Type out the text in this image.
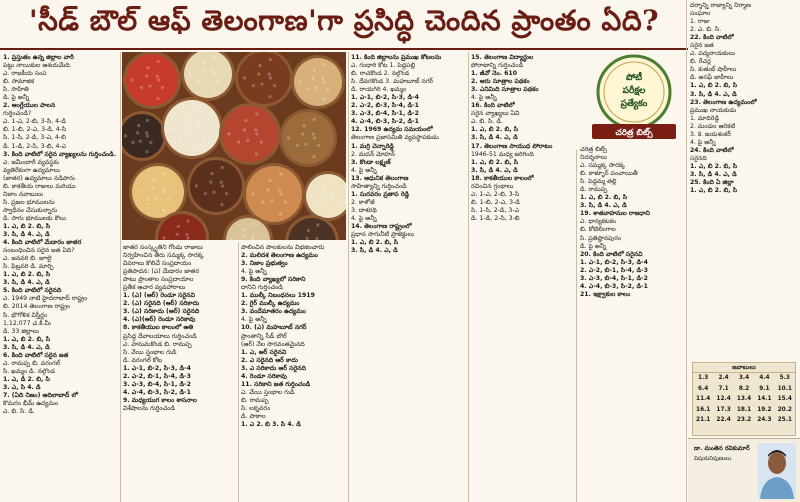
'సీడ్ బౌల్ ఆఫ్ తెలంగాణ'గా ప్రసిద్ధి చెందిన ప్రాంతం ఏది?
1. ప్రస్తుతం ఉన్న జిల్లాల వారీ
పట్టు నాయికుల ఆశయమేది.
ఎ. రాజకీయ సంప
బి. సామాజిక
సి. సాహితి
డి. పై అన్నీ
2. ఆంగ్లేయుల పాలన
గుర్తించండి?
ఎ. 1-ఎ, 2-బి, 3-సి, 4-డి
బి. 1-బి, 2-ఎ, 3-డి, 4-సి
సి. 1-సి, 2-డి, 3-ఎ, 4-బి
డి. 1-డి, 2-సి, 3-బి, 4-ఎ
3. కింది వాటిలో సరైన వ్యాఖ్యలను గుర్తించండి.
ఎ. జమీందారీ వ్యవస్థకు
వ్యతిరేకంగా ఉద్యమాలు
(జాతర) ఉద్యమాలు నడిపారు
బి. కాకతీయ రాజులు మరియు
నిజాం నవాబులు
సి. ప్రజల భూములను
స్వాధీనం చేసుకున్నారు
డి. సాగు భూములకు కౌలు
1. ఎ, బి 2. బి, సి
3. సి, డి 4. ఎ, డి
4. కింది వాటిలో మేడారం జాతర
సంబంధించిన సరైన జత ఏది?
ఎ. జనవరి బి. జూలై
సి. ఫిబ్రవరి డి. మార్చి
1. ఎ, బి 2. బి, సి
3. సి, డి 4. ఎ, డి
5. కింది వాటిలో సరైనది
ఎ. 1949 నాటి హైదరాబాద్ రాష్ట్రం
బి. 2014 తెలంగాణ రాష్ట్రం
సి. భౌగోళిక విస్తీర్ణం
1,12,077 చ.కి.మీ
డి. 33 జిల్లాలు
1. ఎ, బి 2. బి, సి
3. సి, డి 4. ఎ, డి
6. కింది వాటిలో సరైన జత
ఎ. రామప్ప బి. వరంగల్
సి. ఖమ్మం డి. నల్గొండ
1. ఎ, డి 2. బి, సి
3. ఎ, సి 4. డి
7. (ఏది నిజం) ఆదిలాబాద్ లో
కొమరం భీమ్ ఉద్యమం
ఎ. బి. సి. డి.
జాతర సంస్కృతిని గోండు రాజులు
నిర్వహించిన తీరు సమ్మక్క సారక్క
వివరాలు కొలిచే సంప్రదాయం
ప్రతిపాదన: (ఎ) మేడారం జాతర
పాటు ప్రాంతాల సంప్రదాయాల
ప్రతీక ఆచార వ్యవహారాలు
1. (ఎ) (ఆర్) రెండూ సరైనవి
2. (ఎ) సరైనది (ఆర్) సరికాదు
3. (ఎ) సరికాదు (ఆర్) సరైనది
4. (ఎ)(ఆర్) రెండూ సరికావు
8. కాకతీయుల కాలంలో అతి
ప్రసిద్ధ దేవాలయాలు గుర్తించండి
ఎ. హనుమకొండ బి. రామప్ప
సి. వేయి స్తంభాల గుడి
డి. వరంగల్ కోట
1. ఎ-1, బి-2, సి-3, డి-4
2. ఎ-2, బి-1, సి-4, డి-3
3. ఎ-3, బి-4, సి-1, డి-2
4. ఎ-4, బి-3, సి-2, డి-1
9. మధ్యయుగ కాలం శాసనాల
విశేషాలను గుర్తించండి
పాలించిన పాలకులను విభజించారు
2. మలిదశ తెలంగాణ ఉద్యమం
3. నిజాం ప్రభుత్వం
4. పై అన్నీ
9. కింది వ్యాఖ్యలో సరికాని
దానిని గుర్తించండి
1. ముల్కీ నిబంధనలు 1919
2. గైర్ ముల్కీ ఉద్యమం
3. వందేమాతరం ఉద్యమం
4. పై అన్నీ
10. (ఎ) మహబూబ్ నగర్
ప్రాంతాన్ని సీడ్ బౌల్
(ఆర్) నేల సారవంతమైనది
1. ఎ, ఆర్ సరైనవి
2. ఎ సరైనది ఆర్ కాదు
3. ఎ సరికాదు ఆర్ సరైనది
4. రెండూ సరికావు
11. సరికాని జత గుర్తించండి
ఎ. వేయి స్తంభాల గుడి
బి. రామప్ప
సి. లక్నవరం
డి. పాకాల
1. ఎ 2. బి 3. సి 4. డి
11. కింది జిల్లాలను ప్రముఖ కోటలను
ఎ. గంధారి కోట 1. పెద్దపల్లి
బి. రాచకొండ 2. నల్గొండ
సి. దేవరకొండ 3. మహబూబ్ నగర్
డి. రాయగిరి 4. ఖమ్మం
1. ఎ-1, బి-2, సి-3, డి-4
2. ఎ-2, బి-3, సి-4, డి-1
3. ఎ-3, బి-4, సి-1, డి-2
4. ఎ-4, బి-3, సి-2, డి-1
12. 1969 ఉద్యమ సమయంలో
తెలంగాణ ప్రజాసమితి వ్యవస్థాపకుడు
1. మర్రి చెన్నారెడ్డి
2. మదన్ మోహన్
3. కొండా లక్ష్మణ్
4. పై అన్నీ
13. ఆధునిక తెలంగాణ
సాహిత్యాన్ని గుర్తించండి
1. సురవరం ప్రతాప రెడ్డి
2. కాళోజీ
3. దాశరథి
4. పై అన్నీ
14. తెలంగాణ రాష్ట్రంలో
ప్రధాన సాగునీటి ప్రాజెక్టులు
1. ఎ, బి 2. బి, సి
3. సి, డి 4. ఎ, డి
15. తెలంగాణ విద్యార్థుల
పోరాటాన్ని గుర్తించండి
1. జీవో నెం. 610
2. ఆరు సూత్రాల పథకం
3. ఎనిమిది సూత్రాల పథకం
4. పై అన్నీ
16. కింది వాటిలో
సరైన వ్యాఖ్యలు ఏవి
ఎ. బి. సి. డి.
1. ఎ, బి 2. బి, సి
3. సి, డి 4. ఎ, డి
17. తెలంగాణ సాయుధ పోరాటం
1946-51 మధ్య జరిగింది
1. ఎ, బి 2. బి, సి
3. సి, డి 4. ఎ, డి
18. కాకతీయుల కాలంలో
రచించిన గ్రంథాలు
ఎ. 1-ఎ, 2-బి, 3-సి
బి. 1-బి, 2-ఎ, 3-డి
సి. 1-సి, 2-డి, 3-ఎ
డి. 1-డి, 2-సి, 3-బి
పోటీ
పరీక్షల
ప్రత్యేకం
చరిత్ర బిట్స్
చరిత్ర బిట్స్
నిదర్శనాలు
ఎ. సమ్మక్క సారక్క
బి. కాళ్ళూర్ పంచాయితీ
సి. పెద్దమ్మ తల్లి
డి. రామప్ప
1. ఎ, బి 2. బి, సి
3. సి, డి 4. ఎ, డి
19. శాతవాహనుల రాజధాని
ఎ. ధాన్యకటకం
బి. కోటిలింగాల
సి. ప్రతిష్ఠానపురం
డి. పై అన్నీ
20. కింది వాటిలో సరైనవి
1. ఎ-1, బి-2, సి-3, డి-4
2. ఎ-2, బి-1, సి-4, డి-3
3. ఎ-3, బి-4, సి-1, డి-2
4. ఎ-4, బి-3, సి-2, డి-1
21. ఇక్ష్వాకుల కాలం
దర్శాన్ని రాజ్యాన్ని నిర్మాణ
సంఘాల
1. రాజు
2. ఎ. బి. సి.
22. కింది వాటిలో
సరైన జత
ఎ. పద్మనాయకులు
బి. రేచర్ల
సి. కుతుబ్ షాహీలు
డి. అసఫ్ జాహీలు
1. ఎ, బి 2. బి, సి
3. సి, డి 4. ఎ, డి
23. తెలంగాణ ఉద్యమంలో
ప్రముఖ నాయకుడు
1. మాదిరెడ్డి
2. మండల ఆరెకటి
3. కె. జయశంకర్
4. పై అన్నీ
24. కింది వాటిలో
సరైనది
1. ఎ, బి 2. బి, సి
3. సి, డి 4. ఎ, డి
25. కింది ఏ జిల్లా
1. ఎ, బి 2. బి, సి
జవాబులు
1.3	2.4	3.4	4.4	5.3
6.4	7.1	8.2	9.1	10.1
11.4	12.4	13.4	14.1	15.4
16.1	17.3	18.1	19.2	20.2
21.1	22.4	23.2	24.3	25.1
డా. మంతెన రవికుమార్
విషయనిపుణులు
